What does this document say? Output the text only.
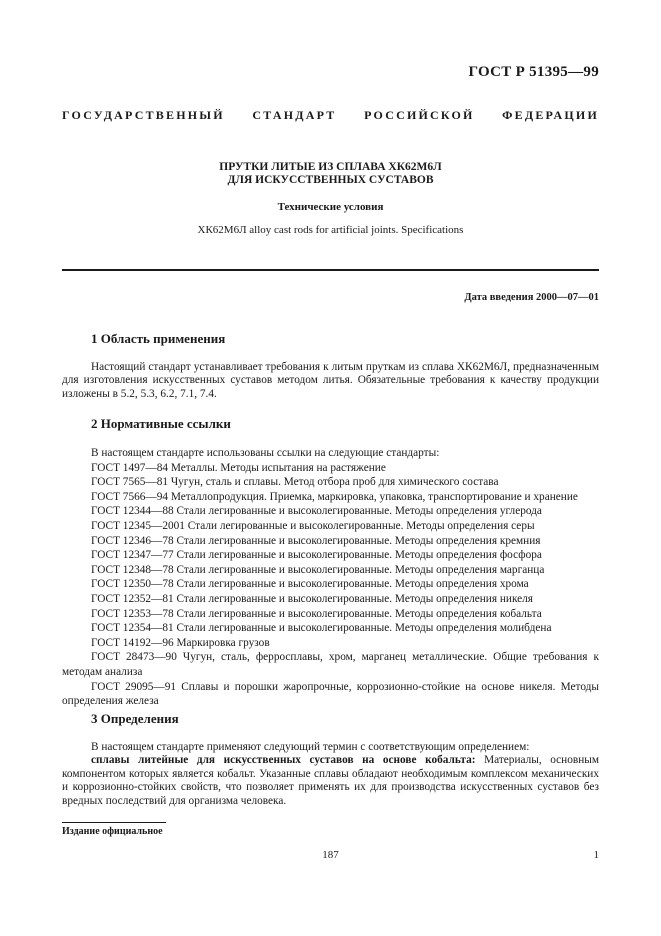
ГОСТ Р 51395—99
ГОСУДАРСТВЕННЫЙ СТАНДАРТ РОССИЙСКОЙ ФЕДЕРАЦИИ
ПРУТКИ ЛИТЫЕ ИЗ СПЛАВА ХК62М6Л
ДЛЯ ИСКУССТВЕННЫХ СУСТАВОВ
Технические условия
ХК62М6Л alloy cast rods for artificial joints. Specifications
Дата введения 2000—07—01
1 Область применения

Настоящий стандарт устанавливает требования к литым пруткам из сплава ХК62М6Л, предназначенным для изготовления искусственных суставов методом литья. Обязательные требования к качеству продукции изложены в 5.2, 5.3, 6.2, 7.1, 7.4.

2 Нормативные ссылки
В настоящем стандарте использованы ссылки на следующие стандарты:
ГОСТ 1497—84 Металлы. Методы испытания на растяжение
ГОСТ 7565—81 Чугун, сталь и сплавы. Метод отбора проб для химического состава
ГОСТ 7566—94 Металлопродукция. Приемка, маркировка, упаковка, транспортирование и хранение
ГОСТ 12344—88 Стали легированные и высоколегированные. Методы определения углерода
ГОСТ 12345—2001 Стали легированные и высоколегированные. Методы определения серы
ГОСТ 12346—78 Стали легированные и высоколегированные. Методы определения кремния
ГОСТ 12347—77 Стали легированные и высоколегированные. Методы определения фосфора
ГОСТ 12348—78 Стали легированные и высоколегированные. Методы определения марганца
ГОСТ 12350—78 Стали легированные и высоколегированные. Методы определения хрома
ГОСТ 12352—81 Стали легированные и высоколегированные. Методы определения никеля
ГОСТ 12353—78 Стали легированные и высоколегированные. Методы определения кобальта
ГОСТ 12354—81 Стали легированные и высоколегированные. Методы определения молибдена
ГОСТ 14192—96 Маркировка грузов
ГОСТ 28473—90 Чугун, сталь, ферросплавы, хром, марганец металлические. Общие требования к методам анализа
ГОСТ 29095—91 Сплавы и порошки жаропрочные, коррозионно-стойкие на основе никеля. Методы определения железа
3 Определения

В настоящем стандарте применяют следующий термин с соответствующим определением:

сплавы литейные для искусственных суставов на основе кобальта: Материалы, основным компонентом которых является кобальт. Указанные сплавы обладают необходимым комплексом механических и коррозионно-стойких свойств, что позволяет применять их для производства искусственных суставов без вредных последствий для организма человека.

Издание официальное
187	1
